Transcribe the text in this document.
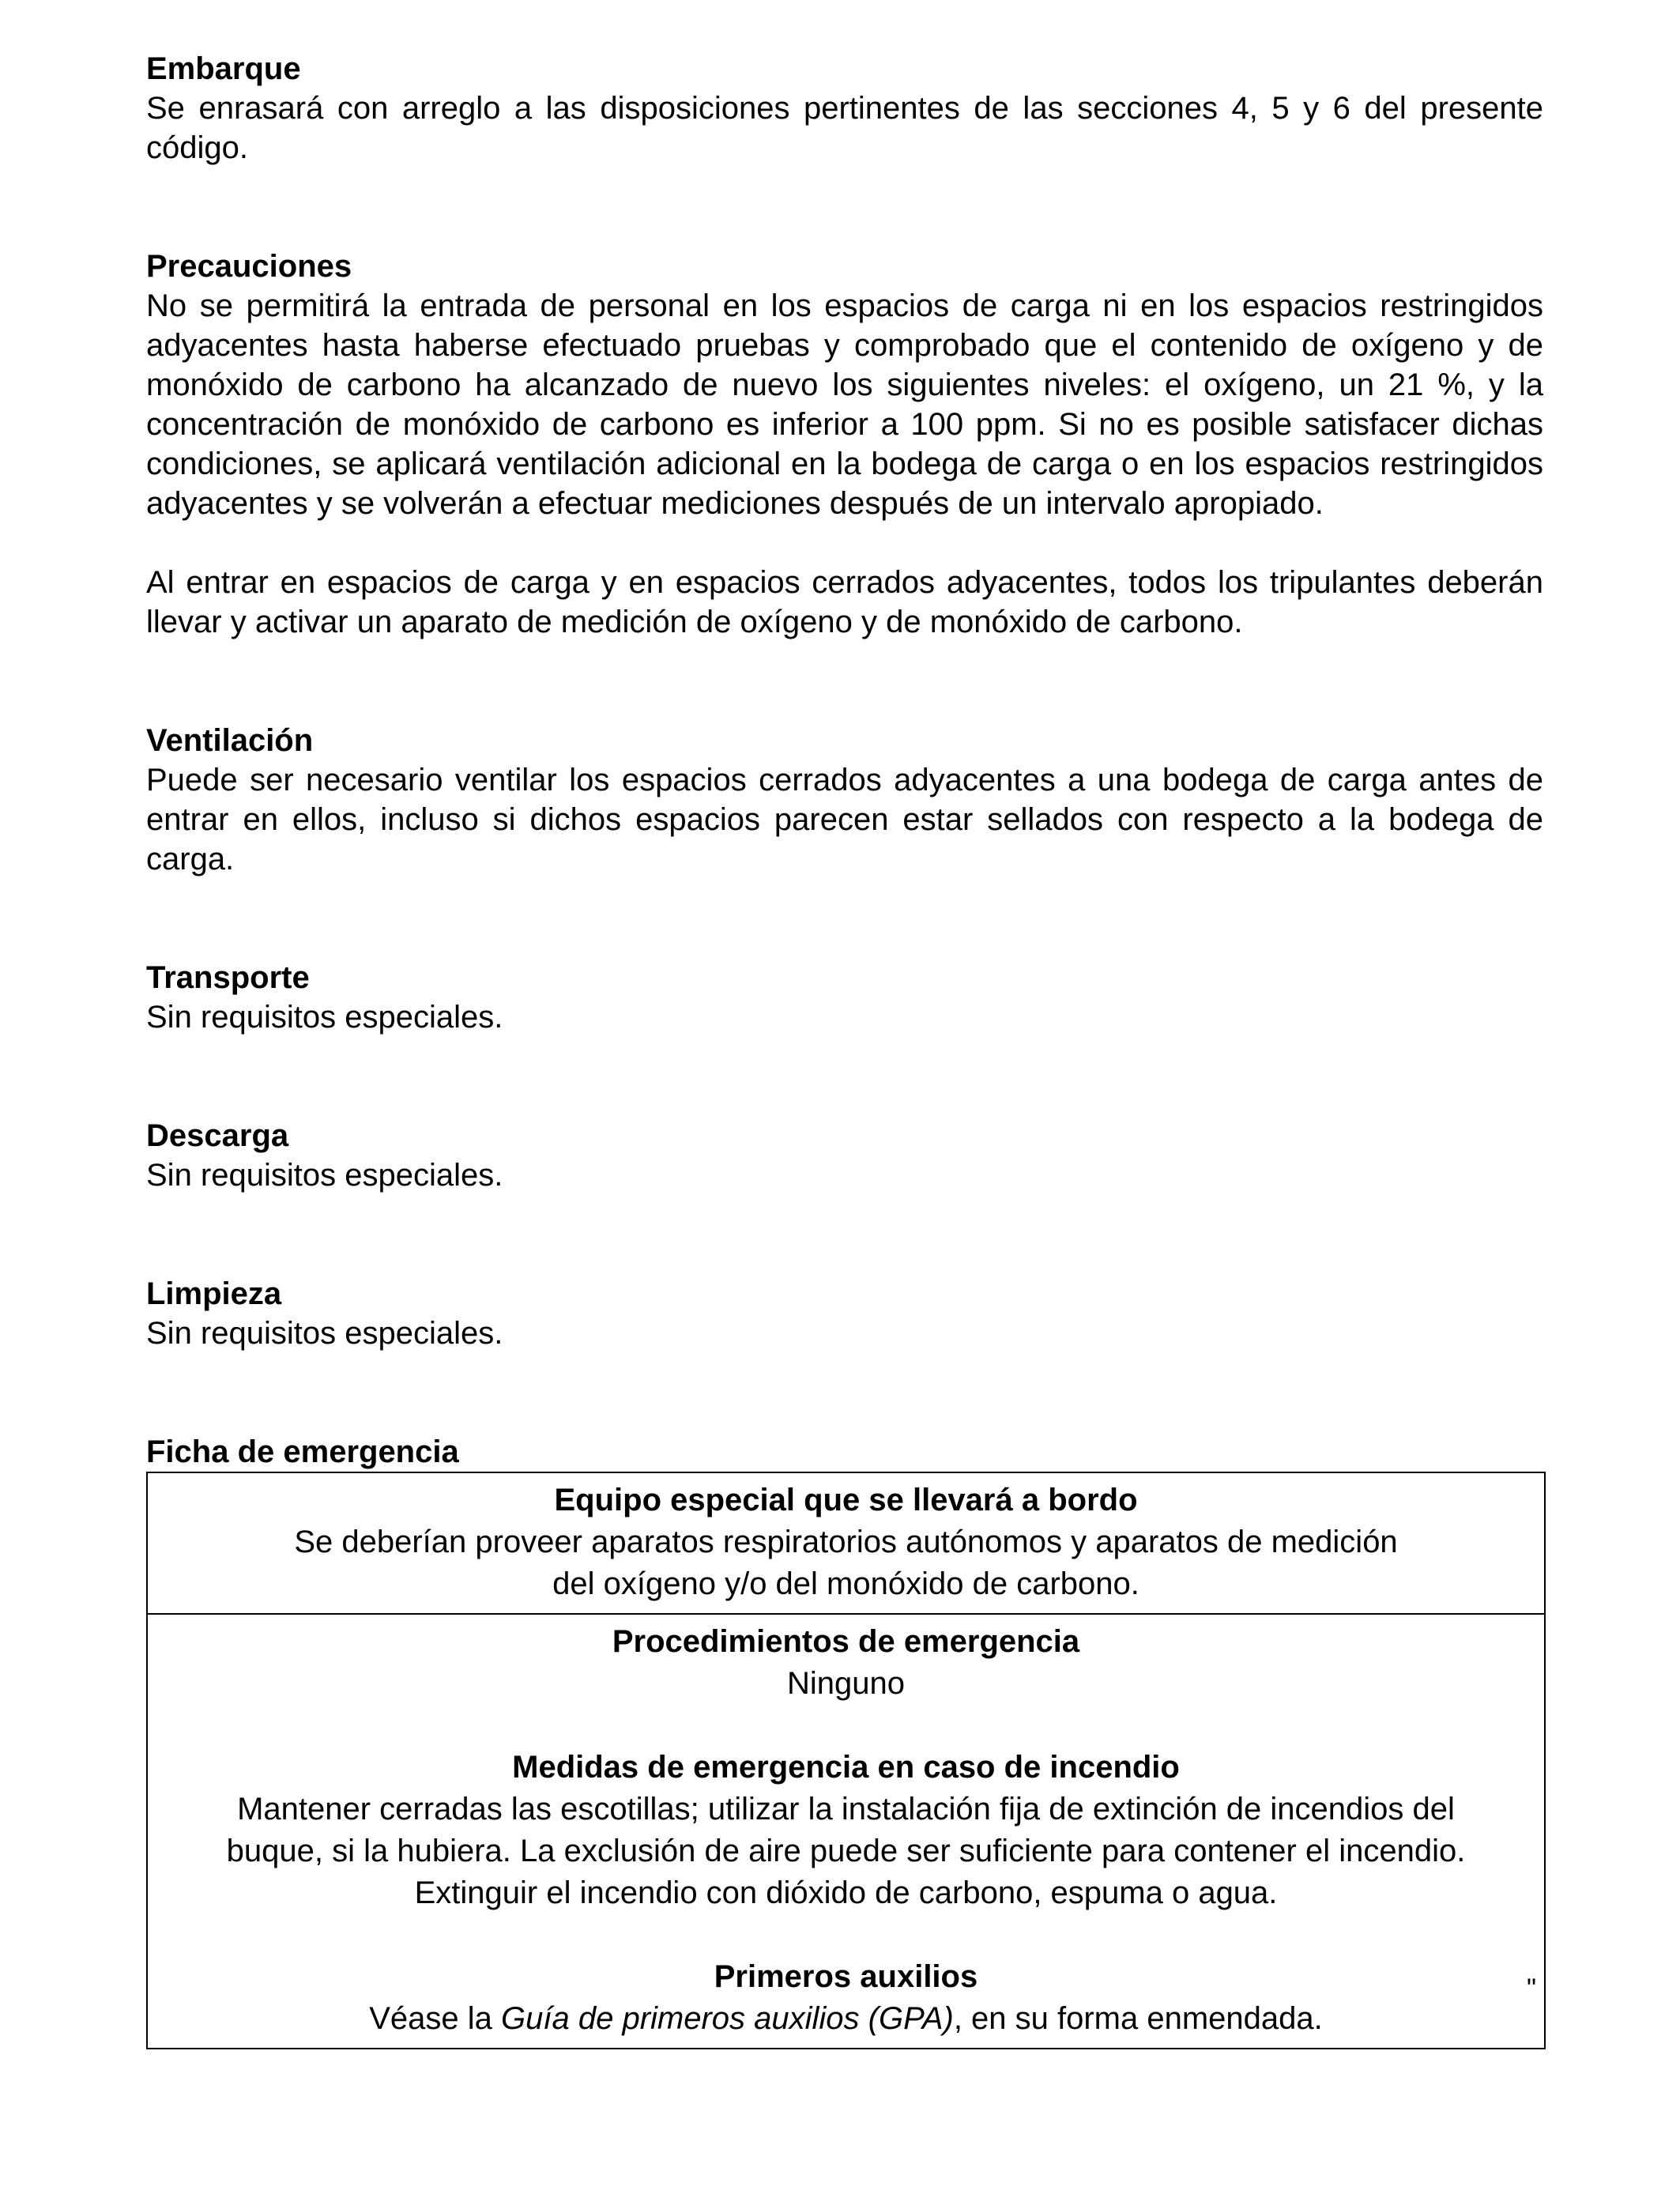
Embarque

Se enrasará con arreglo a las disposiciones pertinentes de las secciones 4, 5 y 6 del presente código.

Precauciones

No se permitirá la entrada de personal en los espacios de carga ni en los espacios restringidos adyacentes hasta haberse efectuado pruebas y comprobado que el contenido de oxígeno y de monóxido de carbono ha alcanzado de nuevo los siguientes niveles: el oxígeno, un 21 %, y la concentración de monóxido de carbono es inferior a 100 ppm. Si no es posible satisfacer dichas condiciones, se aplicará ventilación adicional en la bodega de carga o en los espacios restringidos adyacentes y se volverán a efectuar mediciones después de un intervalo apropiado.

Al entrar en espacios de carga y en espacios cerrados adyacentes, todos los tripulantes deberán llevar y activar un aparato de medición de oxígeno y de monóxido de carbono.

Ventilación

Puede ser necesario ventilar los espacios cerrados adyacentes a una bodega de carga antes de entrar en ellos, incluso si dichos espacios parecen estar sellados con respecto a la bodega de carga.

Transporte

Sin requisitos especiales.

Descarga

Sin requisitos especiales.

Limpieza

Sin requisitos especiales.

Ficha de emergencia

Equipo especial que se llevará a bordo

Se deberían proveer aparatos respiratorios autónomos y aparatos de medición

del oxígeno y/o del monóxido de carbono.

Procedimientos de emergencia

Ninguno

Medidas de emergencia en caso de incendio

Mantener cerradas las escotillas; utilizar la instalación fija de extinción de incendios del

buque, si la hubiera. La exclusión de aire puede ser suficiente para contener el incendio.

Extinguir el incendio con dióxido de carbono, espuma o agua.

Primeros auxilios

Véase la Guía de primeros auxilios (GPA), en su forma enmendada.

"
